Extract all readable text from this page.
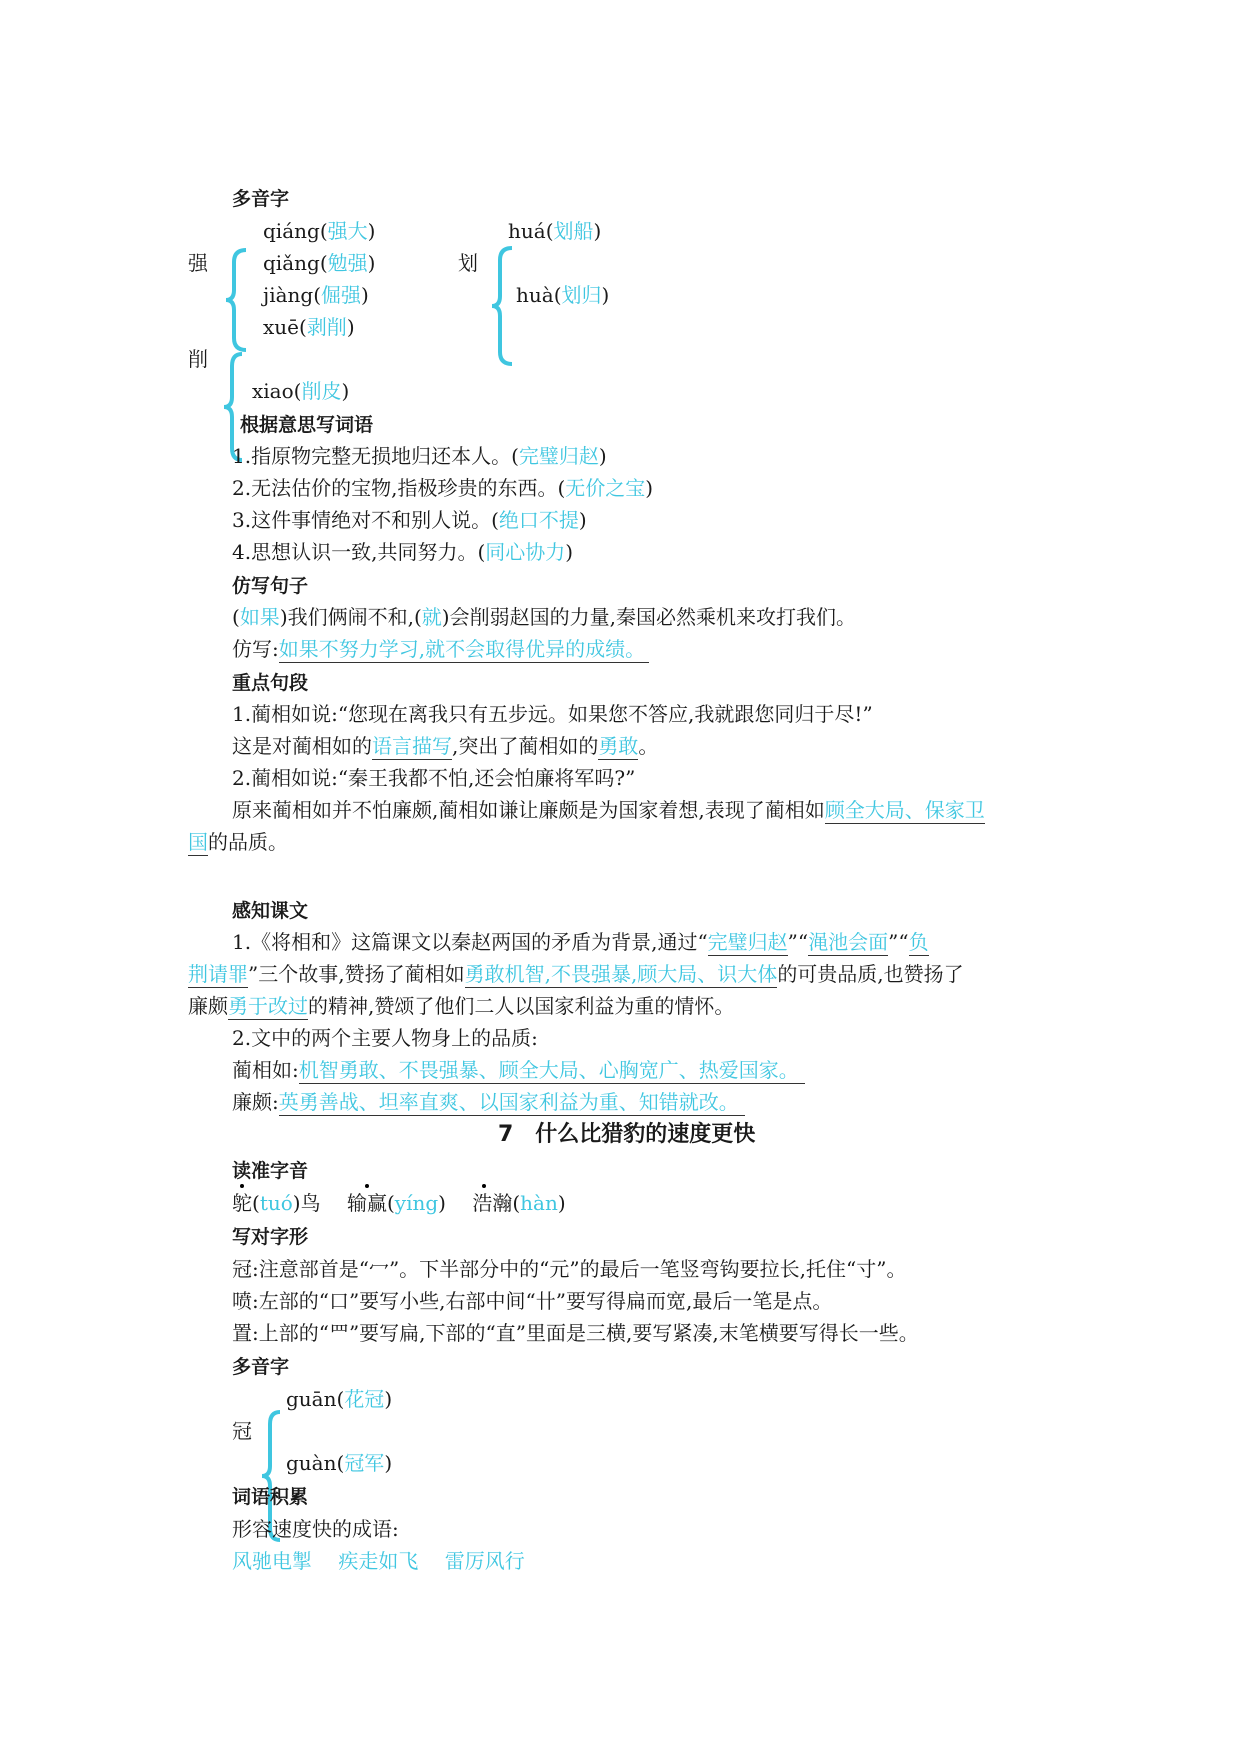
多音字
强
qiáng(强大)
qiǎng(勉强)
jiàng(倔强)
划
huá(划船)
huà(划归)
xuē(剥削)
削
xiao(削皮)
根据意思写词语
1.指原物完整无损地归还本人。(完璧归赵)
2.无法估价的宝物,指极珍贵的东西。(无价之宝)
3.这件事情绝对不和别人说。(绝口不提)
4.思想认识一致,共同努力。(同心协力)
仿写句子
(如果)我们俩闹不和,(就)会削弱赵国的力量,秦国必然乘机来攻打我们。
仿写:如果不努力学习,就不会取得优异的成绩。
重点句段
1.蔺相如说:“您现在离我只有五步远。如果您不答应,我就跟您同归于尽!”
这是对蔺相如的语言描写,突出了蔺相如的勇敢。
2.蔺相如说:“秦王我都不怕,还会怕廉将军吗?”
原来蔺相如并不怕廉颇,蔺相如谦让廉颇是为国家着想,表现了蔺相如顾全大局、保家卫
国的品质。
感知课文
1.《将相和》这篇课文以秦赵两国的矛盾为背景,通过“完璧归赵”“渑池会面”“负
荆请罪”三个故事,赞扬了蔺相如勇敢机智,不畏强暴,顾大局、识大体的可贵品质,也赞扬了
廉颇勇于改过的精神,赞颂了他们二人以国家利益为重的情怀。
2.文中的两个主要人物身上的品质:
蔺相如:机智勇敢、不畏强暴、顾全大局、心胸宽广、热爱国家。
廉颇:英勇善战、坦率直爽、以国家利益为重、知错就改。
7　什么比猎豹的速度更快
读准字音
鸵(tuó)鸟　 输赢(yíng)　 浩瀚(hàn)
写对字形
冠:注意部首是“冖”。下半部分中的“元”的最后一笔竖弯钩要拉长,托住“寸”。
喷:左部的“口”要写小些,右部中间“卄”要写得扁而宽,最后一笔是点。
置:上部的“罒”要写扁,下部的“直”里面是三横,要写紧凑,末笔横要写得长一些。
多音字
guān(花冠)
冠
guàn(冠军)
词语积累
形容速度快的成语:
风驰电掣　 疾走如飞　 雷厉风行
